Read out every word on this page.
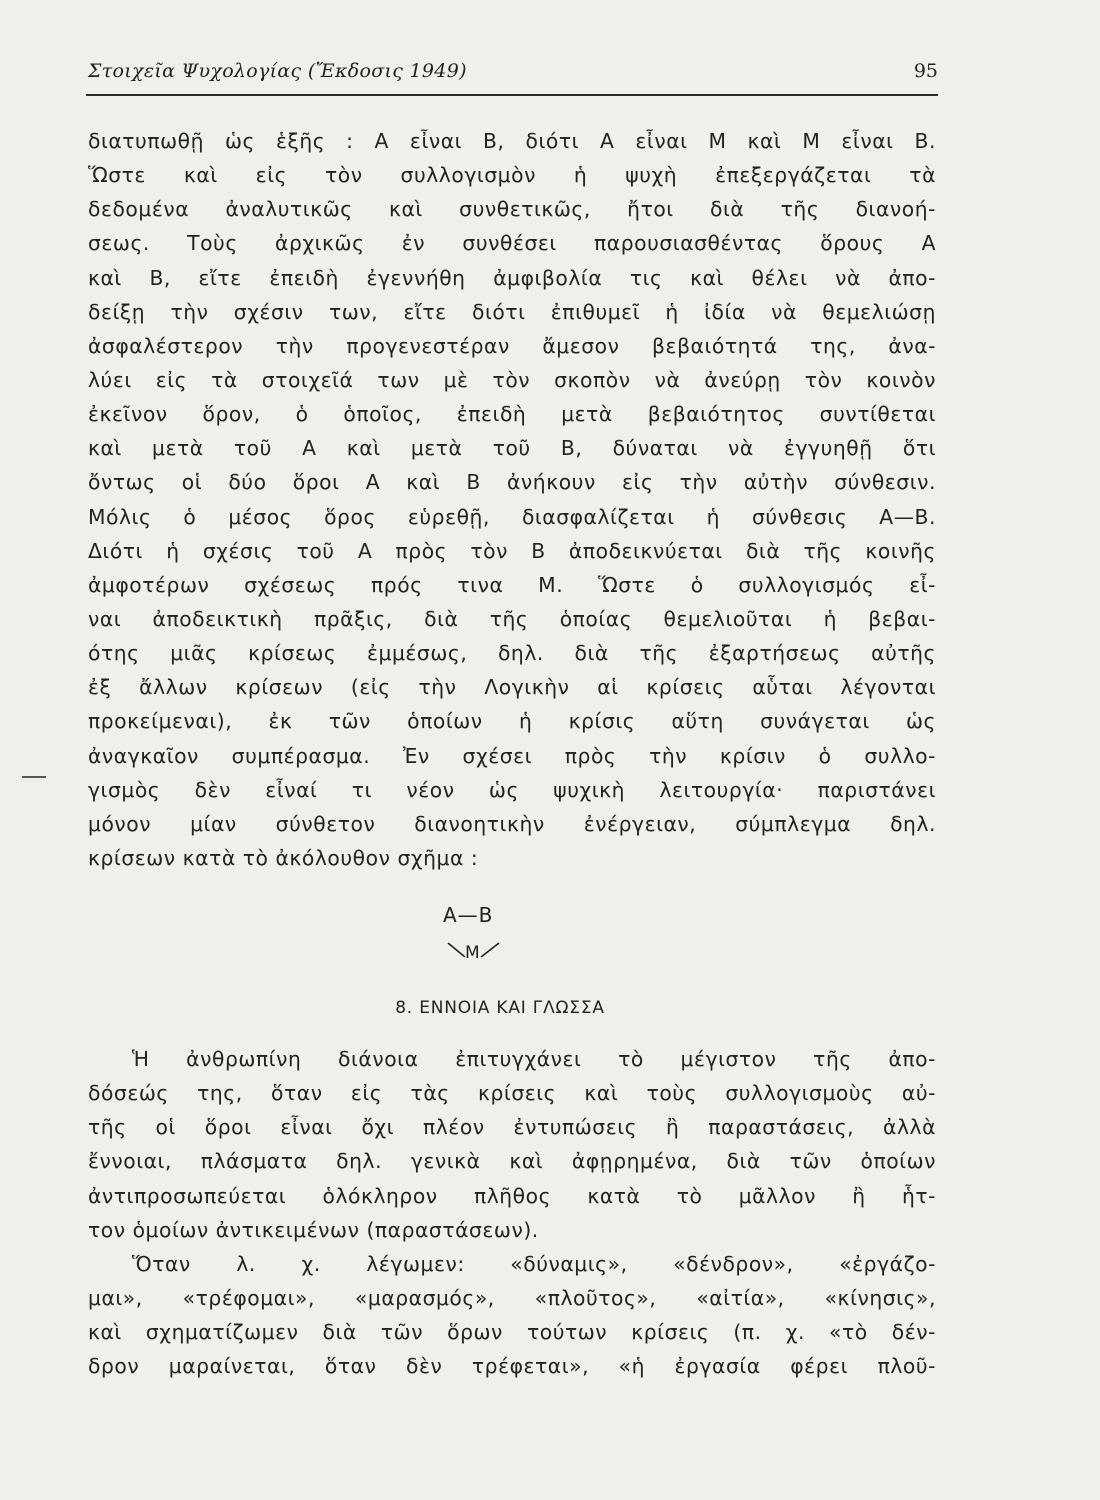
Στοιχεῖα Ψυχολογίας (Ἔκδοσις 1949)	95
διατυπωθῇ ὡς ἑξῆς : Α εἶναι Β, διότι Α εἶναι Μ καὶ Μ εἶναι Β.
Ὥστε καὶ εἰς τὸν συλλογισμὸν ἡ ψυχὴ ἐπεξεργάζεται τὰ
δεδομένα ἀναλυτικῶς καὶ συνθετικῶς, ἤτοι διὰ τῆς διανοή-
σεως. Τοὺς ἀρχικῶς ἐν συνθέσει παρουσιασθέντας ὅρους Α
καὶ Β, εἴτε ἐπειδὴ ἐγεννήθη ἀμφιβολία τις καὶ θέλει νὰ ἀπο-
δείξῃ τὴν σχέσιν των, εἴτε διότι ἐπιθυμεῖ ἡ ἰδία νὰ θεμελιώσῃ
ἀσφαλέστερον τὴν προγενεστέραν ἄμεσον βεβαιότητά της, ἀνα-
λύει εἰς τὰ στοιχεῖά των μὲ τὸν σκοπὸν νὰ ἀνεύρῃ τὸν κοινὸν
ἐκεῖνον ὅρον, ὁ ὁποῖος, ἐπειδὴ μετὰ βεβαιότητος συντίθεται
καὶ μετὰ τοῦ Α καὶ μετὰ τοῦ Β, δύναται νὰ ἐγγυηθῇ ὅτι
ὄντως οἱ δύο ὅροι Α καὶ Β ἀνήκουν εἰς τὴν αὐτὴν σύνθεσιν.
Μόλις ὁ μέσος ὅρος εὑρεθῇ, διασφαλίζεται ἡ σύνθεσις Α—Β.
Διότι ἡ σχέσις τοῦ Α πρὸς τὸν Β ἀποδεικνύεται διὰ τῆς κοινῆς
ἀμφοτέρων σχέσεως πρός τινα Μ. Ὥστε ὁ συλλογισμός εἶ-
ναι ἀποδεικτικὴ πρᾶξις, διὰ τῆς ὁποίας θεμελιοῦται ἡ βεβαι-
ότης μιᾶς κρίσεως ἐμμέσως, δηλ. διὰ τῆς ἐξαρτήσεως αὐτῆς
ἐξ ἄλλων κρίσεων (εἰς τὴν Λογικὴν αἱ κρίσεις αὗται λέγονται
προκείμεναι), ἐκ τῶν ὁποίων ἡ κρίσις αὕτη συνάγεται ὡς
ἀναγκαῖον συμπέρασμα. Ἐν σχέσει πρὸς τὴν κρίσιν ὁ συλλο-
γισμὸς δὲν εἶναί τι νέον ὡς ψυχικὴ λειτουργία· παριστάνει
μόνον μίαν σύνθετον διανοητικὴν ἐνέργειαν, σύμπλεγμα δηλ.
κρίσεων κατὰ τὸ ἀκόλουθον σχῆμα :
Α—Β
Μ
8. ΕΝΝΟΙΑ ΚΑΙ ΓΛΩΣΣΑ
Ἡ ἀνθρωπίνη διάνοια ἐπιτυγχάνει τὸ μέγιστον τῆς ἀπο-
δόσεώς της, ὅταν εἰς τὰς κρίσεις καὶ τοὺς συλλογισμοὺς αὐ-
τῆς οἱ ὅροι εἶναι ὄχι πλέον ἐντυπώσεις ἢ παραστάσεις, ἀλλὰ
ἔννοιαι, πλάσματα δηλ. γενικὰ καὶ ἀφῃρημένα, διὰ τῶν ὁποίων
ἀντιπροσωπεύεται ὁλόκληρον πλῆθος κατὰ τὸ μᾶλλον ἢ ἧτ-
τον ὁμοίων ἀντικειμένων (παραστάσεων).
Ὅταν λ. χ. λέγωμεν: «δύναμις», «δένδρον», «ἐργάζο-
μαι», «τρέφομαι», «μαρασμός», «πλοῦτος», «αἰτία», «κίνησις»,
καὶ σχηματίζωμεν διὰ τῶν ὅρων τούτων κρίσεις (π. χ. «τὸ δέν-
δρον μαραίνεται, ὅταν δὲν τρέφεται», «ἡ ἐργασία φέρει πλοῦ-
